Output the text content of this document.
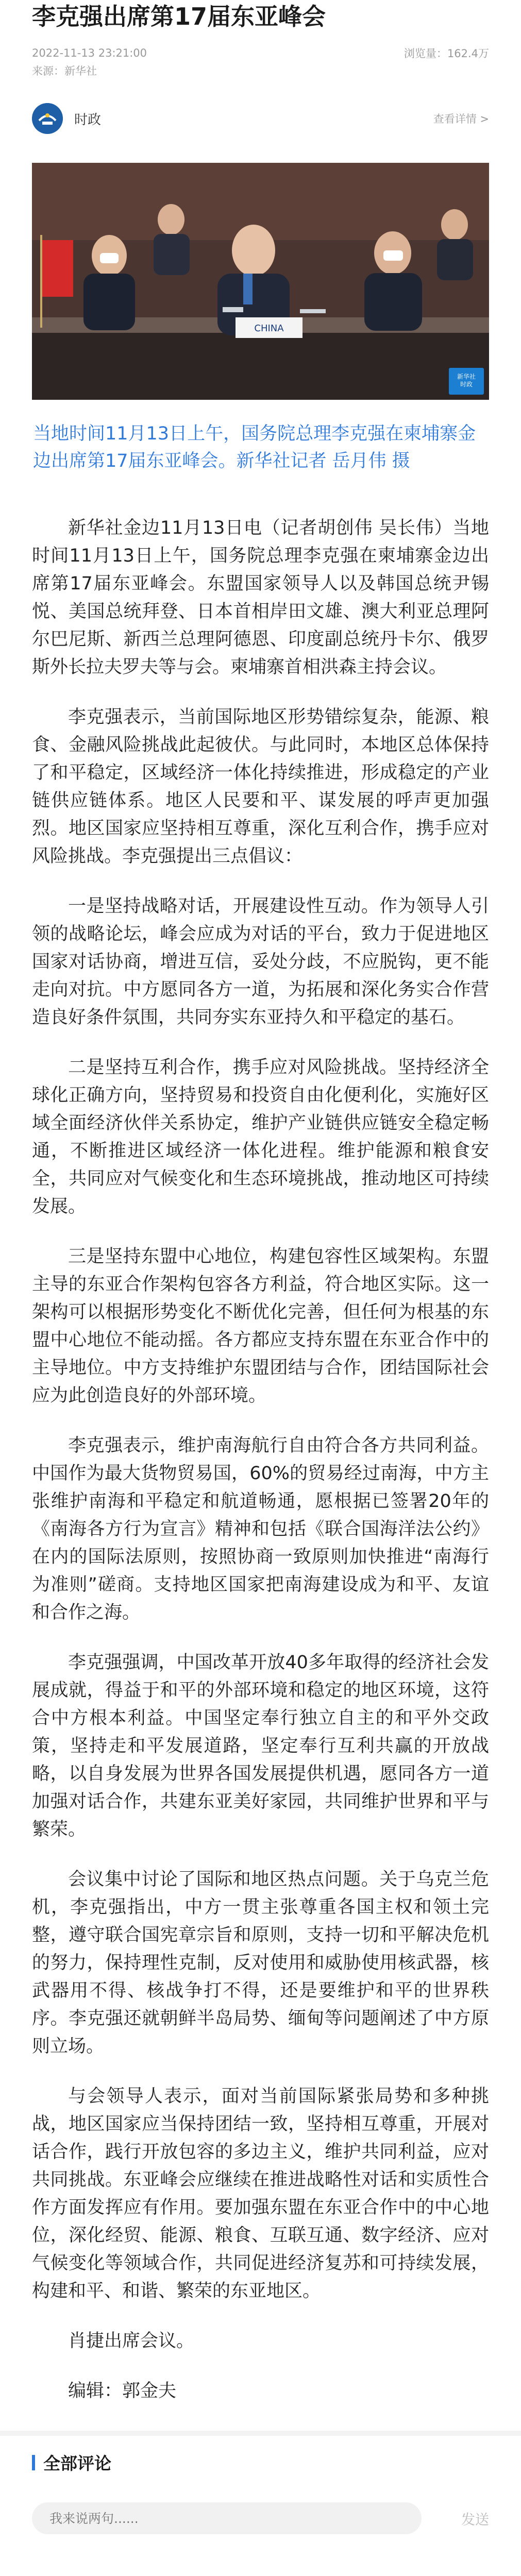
李克强出席第17届东亚峰会
2022-11-13 23:21:00	浏览量：162.4万
来源：新华社
时政	查看详情 >
CHINA
新华社
时政

当地时间11月13日上午，国务院总理李克强在柬埔寨金边出席第17届东亚峰会。新华社记者 岳月伟 摄

新华社金边11月13日电（记者胡创伟 吴长伟）当地时间11月13日上午，国务院总理李克强在柬埔寨金边出席第17届东亚峰会。东盟国家领导人以及韩国总统尹锡悦、美国总统拜登、日本首相岸田文雄、澳大利亚总理阿尔巴尼斯、新西兰总理阿德恩、印度副总统丹卡尔、俄罗斯外长拉夫罗夫等与会。柬埔寨首相洪森主持会议。

李克强表示，当前国际地区形势错综复杂，能源、粮食、金融风险挑战此起彼伏。与此同时，本地区总体保持了和平稳定，区域经济一体化持续推进，形成稳定的产业链供应链体系。地区人民要和平、谋发展的呼声更加强烈。地区国家应坚持相互尊重，深化互利合作，携手应对风险挑战。李克强提出三点倡议：

一是坚持战略对话，开展建设性互动。作为领导人引领的战略论坛，峰会应成为对话的平台，致力于促进地区国家对话协商，增进互信，妥处分歧，不应脱钩，更不能走向对抗。中方愿同各方一道，为拓展和深化务实合作营造良好条件氛围，共同夯实东亚持久和平稳定的基石。

二是坚持互利合作，携手应对风险挑战。坚持经济全球化正确方向，坚持贸易和投资自由化便利化，实施好区域全面经济伙伴关系协定，维护产业链供应链安全稳定畅通，不断推进区域经济一体化进程。维护能源和粮食安全，共同应对气候变化和生态环境挑战，推动地区可持续发展。

三是坚持东盟中心地位，构建包容性区域架构。东盟主导的东亚合作架构包容各方利益，符合地区实际。这一架构可以根据形势变化不断优化完善，但任何为根基的东盟中心地位不能动摇。各方都应支持东盟在东亚合作中的主导地位。中方支持维护东盟团结与合作，团结国际社会应为此创造良好的外部环境。

李克强表示，维护南海航行自由符合各方共同利益。中国作为最大货物贸易国，60%的贸易经过南海，中方主张维护南海和平稳定和航道畅通，愿根据已签署20年的《南海各方行为宣言》精神和包括《联合国海洋法公约》在内的国际法原则，按照协商一致原则加快推进“南海行为准则”磋商。支持地区国家把南海建设成为和平、友谊和合作之海。

李克强强调，中国改革开放40多年取得的经济社会发展成就，得益于和平的外部环境和稳定的地区环境，这符合中方根本利益。中国坚定奉行独立自主的和平外交政策，坚持走和平发展道路，坚定奉行互利共赢的开放战略，以自身发展为世界各国发展提供机遇，愿同各方一道加强对话合作，共建东亚美好家园，共同维护世界和平与繁荣。

会议集中讨论了国际和地区热点问题。关于乌克兰危机，李克强指出，中方一贯主张尊重各国主权和领土完整，遵守联合国宪章宗旨和原则，支持一切和平解决危机的努力，保持理性克制，反对使用和威胁使用核武器，核武器用不得、核战争打不得，还是要维护和平的世界秩序。李克强还就朝鲜半岛局势、缅甸等问题阐述了中方原则立场。

与会领导人表示，面对当前国际紧张局势和多种挑战，地区国家应当保持团结一致，坚持相互尊重，开展对话合作，践行开放包容的多边主义，维护共同利益，应对共同挑战。东亚峰会应继续在推进战略性对话和实质性合作方面发挥应有作用。要加强东盟在东亚合作中的中心地位，深化经贸、能源、粮食、互联互通、数字经济、应对气候变化等领域合作，共同促进经济复苏和可持续发展，构建和平、和谐、繁荣的东亚地区。

肖捷出席会议。

编辑：郭金夫

全部评论
我来说两句......
发送
